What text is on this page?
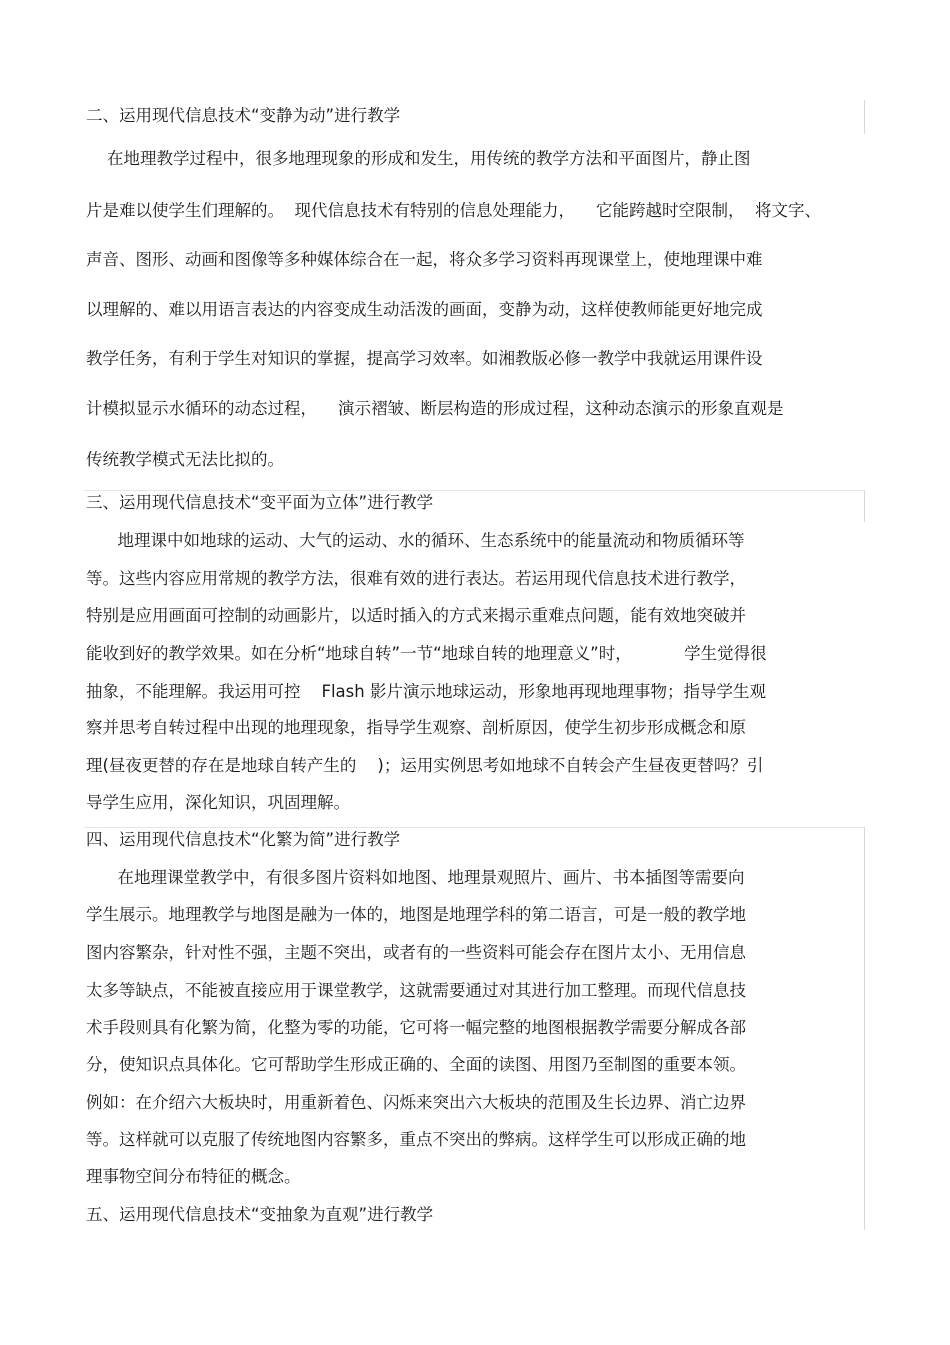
二、运用现代信息技术“变静为动”进行教学
在地理教学过程中，很多地理现象的形成和发生，用传统的教学方法和平面图片，静止图
片是难以使学生们理解的。  现代信息技术有特别的信息处理能力，    它能跨越时空限制，  将文字、
声音、图形、动画和图像等多种媒体综合在一起，将众多学习资料再现课堂上，使地理课中难
以理解的、难以用语言表达的内容变成生动活泼的画面，变静为动，这样使教师能更好地完成
教学任务，有利于学生对知识的掌握，提高学习效率。如湘教版必修一教学中我就运用课件设
计模拟显示水循环的动态过程，    演示褶皱、断层构造的形成过程，这种动态演示的形象直观是
传统教学模式无法比拟的。
三、运用现代信息技术“变平面为立体”进行教学
地理课中如地球的运动、大气的运动、水的循环、生态系统中的能量流动和物质循环等
等。这些内容应用常规的教学方法，很难有效的进行表达。若运用现代信息技术进行教学，
特别是应用画面可控制的动画影片，以适时插入的方式来揭示重难点问题，能有效地突破并
能收到好的教学效果。如在分析“地球自转”一节“地球自转的地理意义”时，          学生觉得很
抽象，不能理解。我运用可控    Flash 影片演示地球运动，形象地再现地理事物；指导学生观
察并思考自转过程中出现的地理现象，指导学生观察、剖析原因，使学生初步形成概念和原
理(昼夜更替的存在是地球自转产生的    )；运用实例思考如地球不自转会产生昼夜更替吗？引
导学生应用，深化知识，巩固理解。
四、运用现代信息技术“化繁为简”进行教学
在地理课堂教学中，有很多图片资料如地图、地理景观照片、画片、书本插图等需要向
学生展示。地理教学与地图是融为一体的，地图是地理学科的第二语言，可是一般的教学地
图内容繁杂，针对性不强，主题不突出，或者有的一些资料可能会存在图片太小、无用信息
太多等缺点，不能被直接应用于课堂教学，这就需要通过对其进行加工整理。而现代信息技
术手段则具有化繁为简，化整为零的功能，它可将一幅完整的地图根据教学需要分解成各部
分，使知识点具体化。它可帮助学生形成正确的、全面的读图、用图乃至制图的重要本领。
例如：在介绍六大板块时，用重新着色、闪烁来突出六大板块的范围及生长边界、消亡边界
等。这样就可以克服了传统地图内容繁多，重点不突出的弊病。这样学生可以形成正确的地
理事物空间分布特征的概念。
五、运用现代信息技术“变抽象为直观”进行教学
